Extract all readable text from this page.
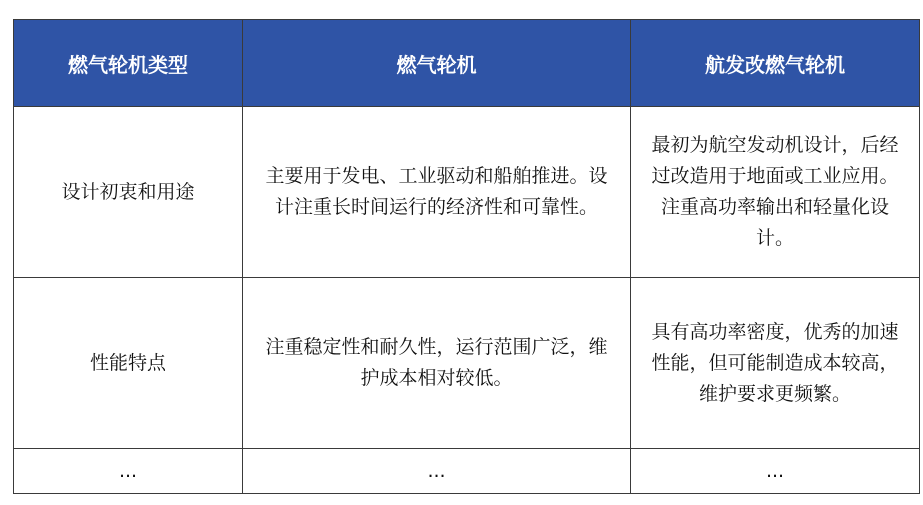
燃气轮机类型	燃气轮机	航发改燃气轮机
设计初衷和用途	主要用于发电、工业驱动和船舶推进。设计注重长时间运行的经济性和可靠性。	最初为航空发动机设计，后经过改造用于地面或工业应用。注重高功率输出和轻量化设计。
性能特点	注重稳定性和耐久性，运行范围广泛，维护成本相对较低。	具有高功率密度，优秀的加速性能，但可能制造成本较高，维护要求更频繁。
...	...	...
